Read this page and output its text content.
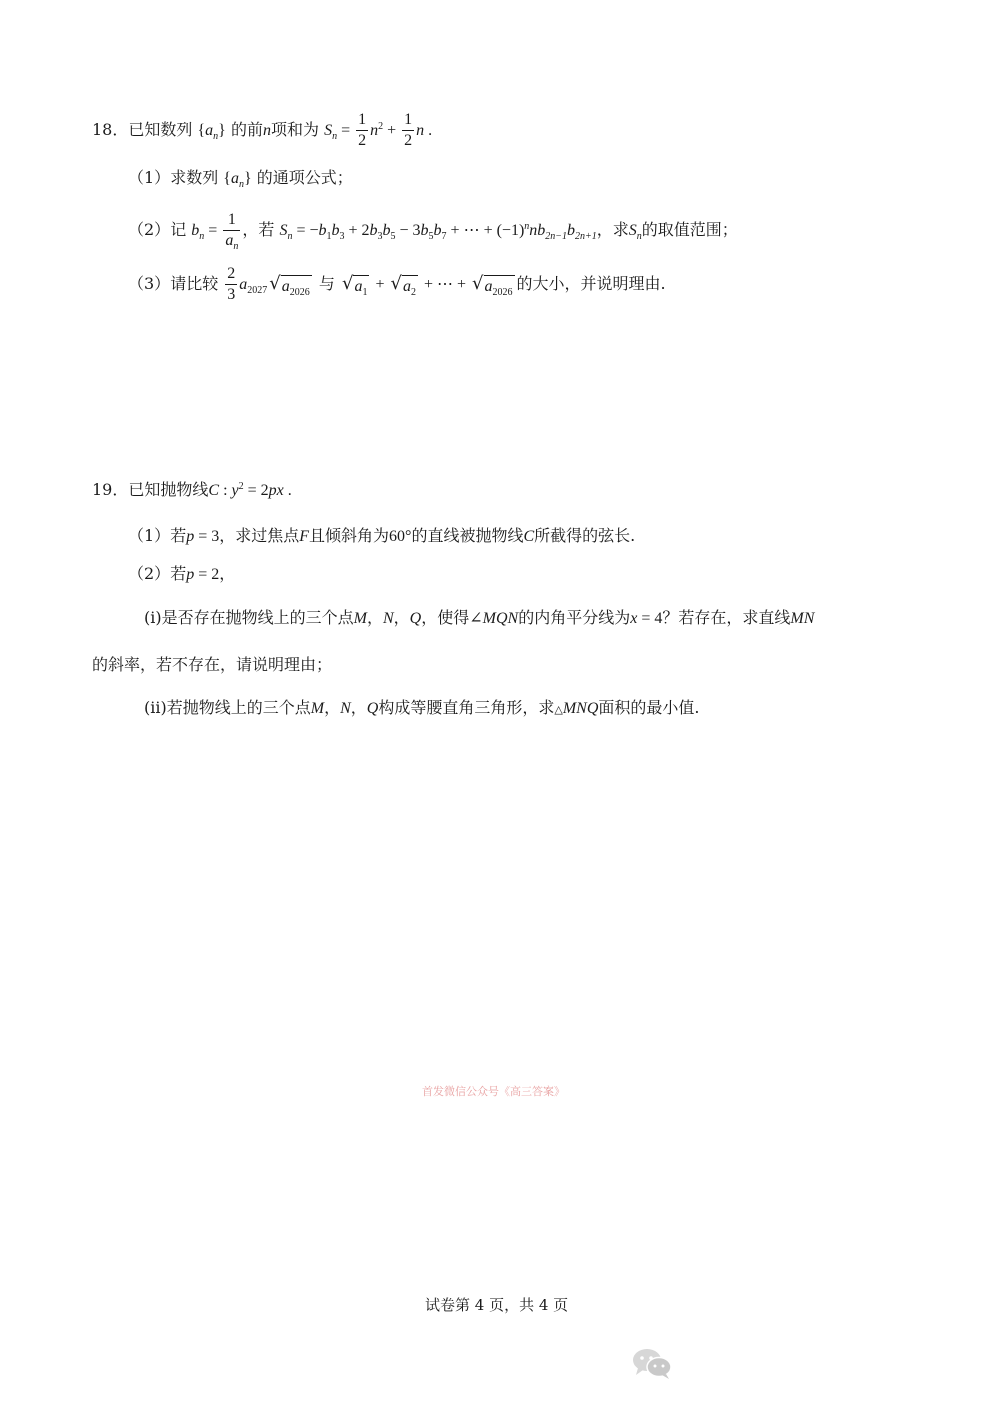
18．已知数列 $\{a_n\}$ 的前n项和为 $S_n = \frac{1}{2} n^2 + \frac{1}{2}$ n .
（1）求数列 $\{a_n\}$ 的通项公式；
（2）记 $b_n = \frac{1}{a_n}$ ，若 $S_n = -b_1b_3 + 2b_3b_5 - 3b_5b_7$ + ⋯ + $(-1)^nnb_{2n-1}b_{2n+1}$，求$S_n$的取值范围；
（3）请比较 $\frac{2}{3} a_{2027}$ √ $a_{2026}$ 与 √ $a_1$ + √ $a_2$ + ⋯ + √ $a_{2026}$ 的大小，并说明理由.
19．已知抛物线C : $y^2 = 2px$ .
（1）若p = 3，求过焦点F且倾斜角为60°的直线被抛物线C所截得的弦长.
（2）若p = 2，
(i)是否存在抛物线上的三个点M，N，Q，使得∠MQN的内角平分线为x = 4？若存在，求直线MN
的斜率，若不存在，请说明理由；
(ii)若抛物线上的三个点M，N，Q构成等腰直角三角形，求△MNQ面积的最小值.
首发微信公众号《高三答案》
试卷第 4 页，共 4 页
